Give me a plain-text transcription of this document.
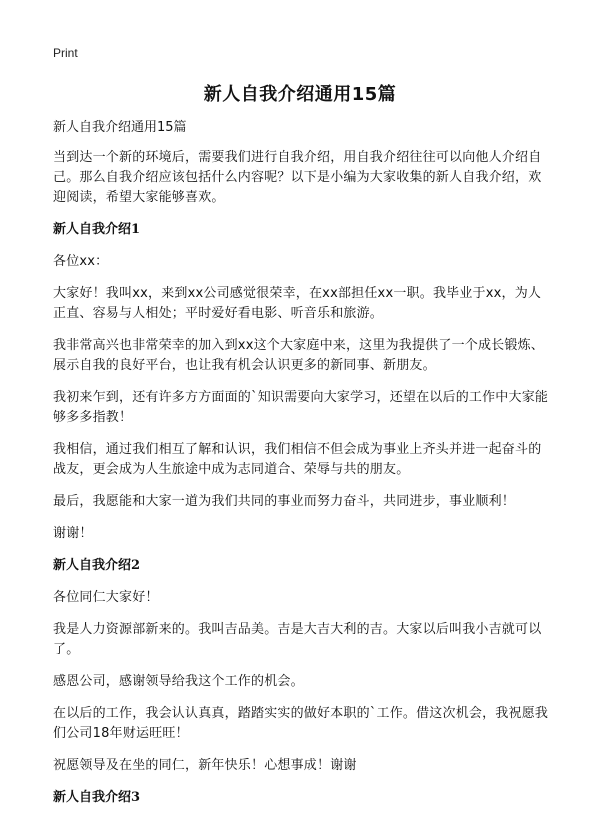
Print
新人自我介绍通用15篇

新人自我介绍通用15篇

当到达一个新的环境后，需要我们进行自我介绍，用自我介绍往往可以向他人介绍自己。那么自我介绍应该包括什么内容呢？以下是小编为大家收集的新人自我介绍，欢迎阅读，希望大家能够喜欢。

新人自我介绍1

各位xx：

大家好！我叫xx，来到xx公司感觉很荣幸，在xx部担任xx一职。我毕业于xx，为人正直、容易与人相处；平时爱好看电影、听音乐和旅游。

我非常高兴也非常荣幸的加入到xx这个大家庭中来，这里为我提供了一个成长锻炼、展示自我的良好平台，也让我有机会认识更多的新同事、新朋友。

我初来乍到，还有许多方方面面的`知识需要向大家学习，还望在以后的工作中大家能够多多指教！

我相信，通过我们相互了解和认识，我们相信不但会成为事业上齐头并进一起奋斗的战友，更会成为人生旅途中成为志同道合、荣辱与共的朋友。

最后，我愿能和大家一道为我们共同的事业而努力奋斗，共同进步，事业顺利！

谢谢！

新人自我介绍2

各位同仁大家好！

我是人力资源部新来的。我叫吉品美。吉是大吉大利的吉。大家以后叫我小吉就可以了。

感恩公司，感谢领导给我这个工作的机会。

在以后的工作，我会认认真真，踏踏实实的做好本职的`工作。借这次机会，我祝愿我们公司18年财运旺旺！

祝愿领导及在坐的同仁，新年快乐！心想事成！谢谢

新人自我介绍3
